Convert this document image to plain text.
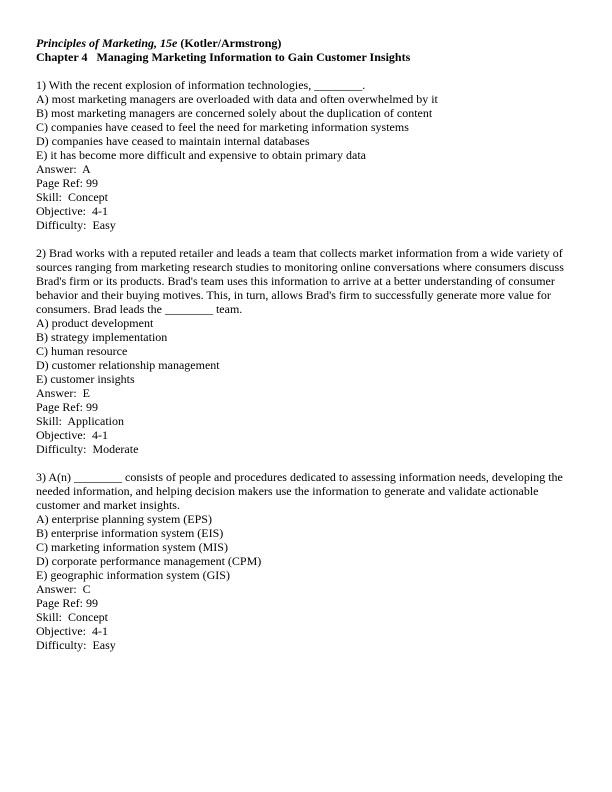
Principles of Marketing, 15e (Kotler/Armstrong)
Chapter 4   Managing Marketing Information to Gain Customer Insights
1) With the recent explosion of information technologies, ________.
A) most marketing managers are overloaded with data and often overwhelmed by it
B) most marketing managers are concerned solely about the duplication of content
C) companies have ceased to feel the need for marketing information systems
D) companies have ceased to maintain internal databases
E) it has become more difficult and expensive to obtain primary data
Answer:  A
Page Ref: 99
Skill:  Concept
Objective:  4-1
Difficulty:  Easy
2) Brad works with a reputed retailer and leads a team that collects market information from a wide variety of sources ranging from marketing research studies to monitoring online conversations where consumers discuss Brad's firm or its products. Brad's team uses this information to arrive at a better understanding of consumer behavior and their buying motives. This, in turn, allows Brad's firm to successfully generate more value for consumers. Brad leads the ________ team.
A) product development
B) strategy implementation
C) human resource
D) customer relationship management
E) customer insights
Answer:  E
Page Ref: 99
Skill:  Application
Objective:  4-1
Difficulty:  Moderate
3) A(n) ________ consists of people and procedures dedicated to assessing information needs, developing the needed information, and helping decision makers use the information to generate and validate actionable customer and market insights.
A) enterprise planning system (EPS)
B) enterprise information system (EIS)
C) marketing information system (MIS)
D) corporate performance management (CPM)
E) geographic information system (GIS)
Answer:  C
Page Ref: 99
Skill:  Concept
Objective:  4-1
Difficulty:  Easy
